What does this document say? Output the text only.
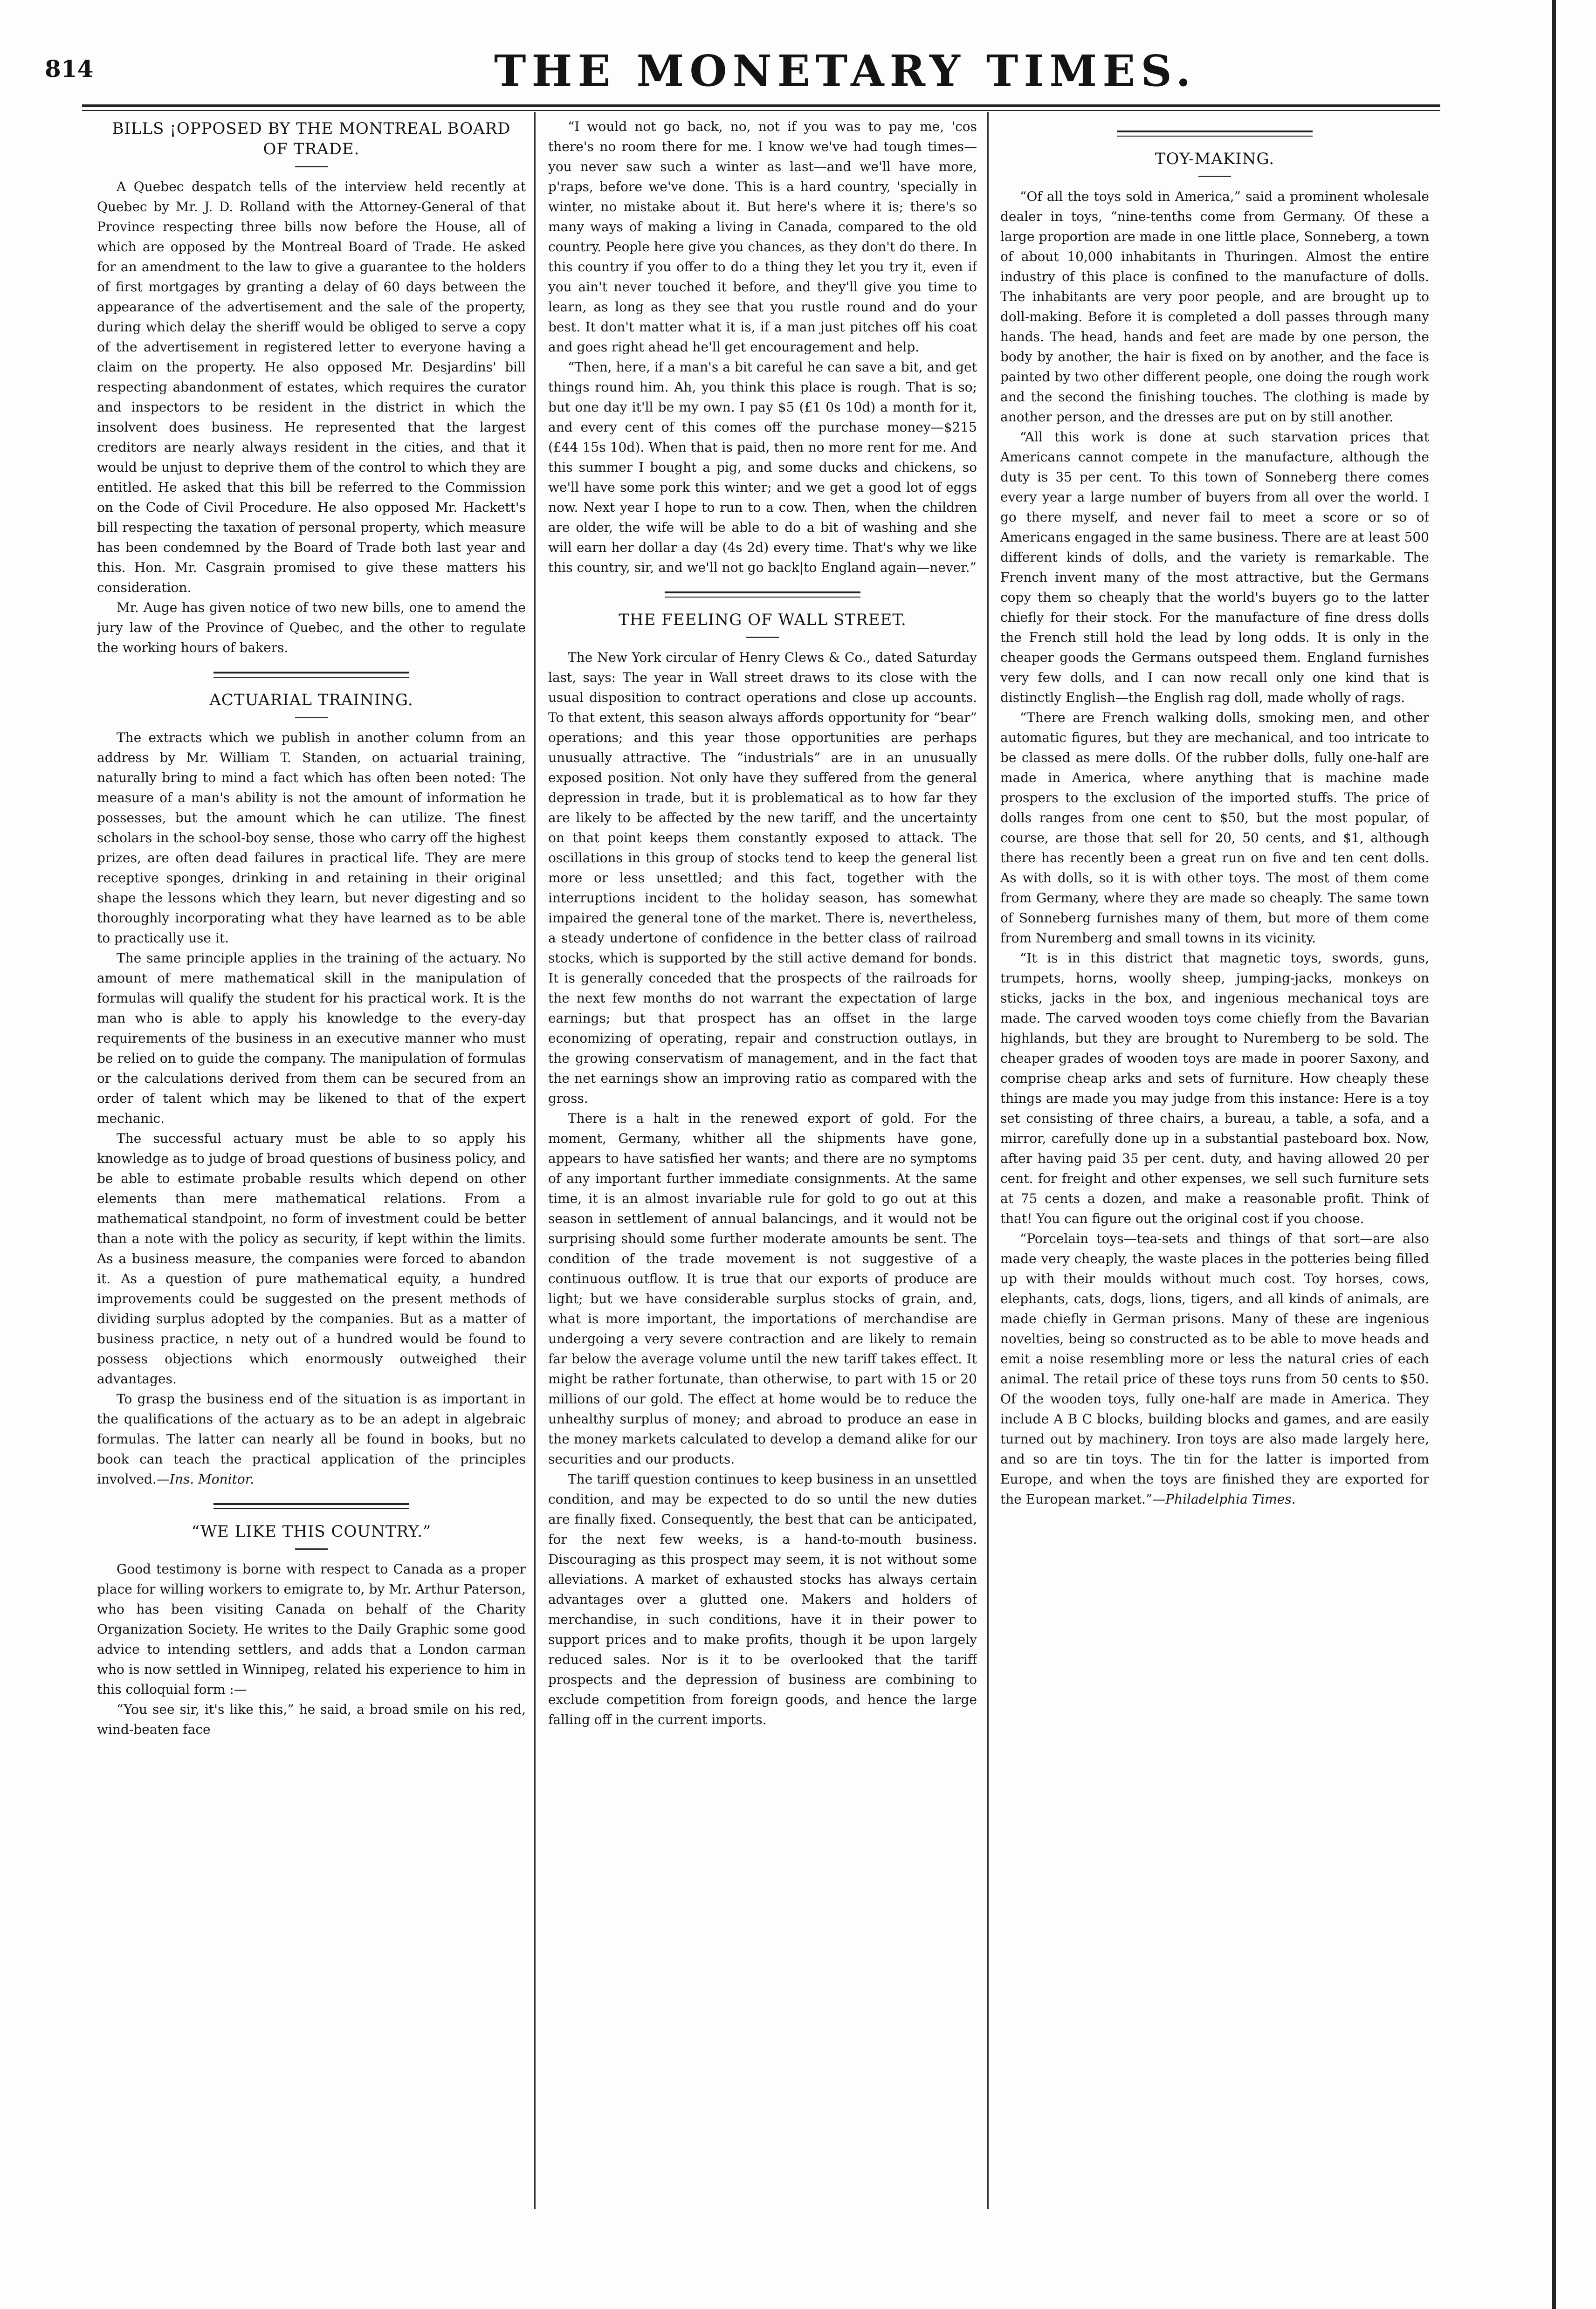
814	THE MONETARY TIMES.
BILLS ¡OPPOSED BY THE MONTREAL BOARD OF TRADE.

A Quebec despatch tells of the interview held recently at Quebec by Mr. J. D. Rolland with the Attorney-General of that Province respecting three bills now before the House, all of which are opposed by the Montreal Board of Trade. He asked for an amendment to the law to give a guarantee to the holders of first mortgages by granting a delay of 60 days between the appearance of the advertisement and the sale of the property, during which delay the sheriff would be obliged to serve a copy of the advertisement in registered letter to everyone having a claim on the property. He also opposed Mr. Desjardins' bill respecting abandonment of estates, which requires the curator and inspectors to be resident in the district in which the insolvent does business. He represented that the largest creditors are nearly always resident in the cities, and that it would be unjust to deprive them of the control to which they are entitled. He asked that this bill be referred to the Commission on the Code of Civil Procedure. He also opposed Mr. Hackett's bill respecting the taxation of personal property, which measure has been condemned by the Board of Trade both last year and this. Hon. Mr. Casgrain promised to give these matters his consideration.

Mr. Auge has given notice of two new bills, one to amend the jury law of the Province of Quebec, and the other to regulate the working hours of bakers.

ACTUARIAL TRAINING.

The extracts which we publish in another column from an address by Mr. William T. Standen, on actuarial training, naturally bring to mind a fact which has often been noted: The measure of a man's ability is not the amount of information he possesses, but the amount which he can utilize. The finest scholars in the school-boy sense, those who carry off the highest prizes, are often dead failures in practical life. They are mere receptive sponges, drinking in and retaining in their original shape the lessons which they learn, but never digesting and so thoroughly incorporating what they have learned as to be able to practically use it.

The same principle applies in the training of the actuary. No amount of mere mathematical skill in the manipulation of formulas will qualify the student for his practical work. It is the man who is able to apply his knowledge to the every-day requirements of the business in an executive manner who must be relied on to guide the company. The manipulation of formulas or the calculations derived from them can be secured from an order of talent which may be likened to that of the expert mechanic.

The successful actuary must be able to so apply his knowledge as to judge of broad questions of business policy, and be able to estimate probable results which depend on other elements than mere mathematical relations. From a mathematical standpoint, no form of investment could be better than a note with the policy as security, if kept within the limits. As a business measure, the companies were forced to abandon it. As a question of pure mathematical equity, a hundred improvements could be suggested on the present methods of dividing surplus adopted by the companies. But as a matter of business practice, n nety out of a hundred would be found to possess objections which enormously outweighed their advantages.

To grasp the business end of the situation is as important in the qualifications of the actuary as to be an adept in algebraic formulas. The latter can nearly all be found in books, but no book can teach the practical application of the principles involved.—Ins. Monitor.

“WE LIKE THIS COUNTRY.”

Good testimony is borne with respect to Canada as a proper place for willing workers to emigrate to, by Mr. Arthur Paterson, who has been visiting Canada on behalf of the Charity Organization Society. He writes to the Daily Graphic some good advice to intending settlers, and adds that a London carman who is now settled in Winnipeg, related his experience to him in this colloquial form :—

“You see sir, it's like this,” he said, a broad smile on his red, wind-beaten face

“I would not go back, no, not if you was to pay me, 'cos there's no room there for me. I know we've had tough times—you never saw such a winter as last—and we'll have more, p'raps, before we've done. This is a hard country, 'specially in winter, no mistake about it. But here's where it is; there's so many ways of making a living in Canada, compared to the old country. People here give you chances, as they don't do there. In this country if you offer to do a thing they let you try it, even if you ain't never touched it before, and they'll give you time to learn, as long as they see that you rustle round and do your best. It don't matter what it is, if a man just pitches off his coat and goes right ahead he'll get encouragement and help.

“Then, here, if a man's a bit careful he can save a bit, and get things round him. Ah, you think this place is rough. That is so; but one day it'll be my own. I pay $5 (£1 0s 10d) a month for it, and every cent of this comes off the purchase money—$215 (£44 15s 10d). When that is paid, then no more rent for me. And this summer I bought a pig, and some ducks and chickens, so we'll have some pork this winter; and we get a good lot of eggs now. Next year I hope to run to a cow. Then, when the children are older, the wife will be able to do a bit of washing and she will earn her dollar a day (4s 2d) every time. That's why we like this country, sir, and we'll not go back|to England again—never.”

THE FEELING OF WALL STREET.

The New York circular of Henry Clews & Co., dated Saturday last, says: The year in Wall street draws to its close with the usual disposition to contract operations and close up accounts. To that extent, this season always affords opportunity for “bear” operations; and this year those opportunities are perhaps unusually attractive. The “industrials” are in an unusually exposed position. Not only have they suffered from the general depression in trade, but it is problematical as to how far they are likely to be affected by the new tariff, and the uncertainty on that point keeps them constantly exposed to attack. The oscillations in this group of stocks tend to keep the general list more or less unsettled; and this fact, together with the interruptions incident to the holiday season, has somewhat impaired the general tone of the market. There is, nevertheless, a steady undertone of confidence in the better class of railroad stocks, which is supported by the still active demand for bonds. It is generally conceded that the prospects of the railroads for the next few months do not warrant the expectation of large earnings; but that prospect has an offset in the large economizing of operating, repair and construction outlays, in the growing conservatism of management, and in the fact that the net earnings show an improving ratio as compared with the gross.

There is a halt in the renewed export of gold. For the moment, Germany, whither all the shipments have gone, appears to have satisfied her wants; and there are no symptoms of any important further immediate consignments. At the same time, it is an almost invariable rule for gold to go out at this season in settlement of annual balancings, and it would not be surprising should some further moderate amounts be sent. The condition of the trade movement is not suggestive of a continuous outflow. It is true that our exports of produce are light; but we have considerable surplus stocks of grain, and, what is more important, the importations of merchandise are undergoing a very severe contraction and are likely to remain far below the average volume until the new tariff takes effect. It might be rather fortunate, than otherwise, to part with 15 or 20 millions of our gold. The effect at home would be to reduce the unhealthy surplus of money; and abroad to produce an ease in the money markets calculated to develop a demand alike for our securities and our products.

The tariff question continues to keep business in an unsettled condition, and may be expected to do so until the new duties are finally fixed. Consequently, the best that can be anticipated, for the next few weeks, is a hand-to-mouth business. Discouraging as this prospect may seem, it is not without some alleviations. A market of exhausted stocks has always certain advantages over a glutted one. Makers and holders of merchandise, in such conditions, have it in their power to support prices and to make profits, though it be upon largely reduced sales. Nor is it to be overlooked that the tariff prospects and the depression of business are combining to exclude competition from foreign goods, and hence the large falling off in the current imports.

TOY-MAKING.

“Of all the toys sold in America,” said a prominent wholesale dealer in toys, “nine-tenths come from Germany. Of these a large proportion are made in one little place, Sonneberg, a town of about 10,000 inhabitants in Thuringen. Almost the entire industry of this place is confined to the manufacture of dolls. The inhabitants are very poor people, and are brought up to doll-making. Before it is completed a doll passes through many hands. The head, hands and feet are made by one person, the body by another, the hair is fixed on by another, and the face is painted by two other different people, one doing the rough work and the second the finishing touches. The clothing is made by another person, and the dresses are put on by still another.

“All this work is done at such starvation prices that Americans cannot compete in the manufacture, although the duty is 35 per cent. To this town of Sonneberg there comes every year a large number of buyers from all over the world. I go there myself, and never fail to meet a score or so of Americans engaged in the same business. There are at least 500 different kinds of dolls, and the variety is remarkable. The French invent many of the most attractive, but the Germans copy them so cheaply that the world's buyers go to the latter chiefly for their stock. For the manufacture of fine dress dolls the French still hold the lead by long odds. It is only in the cheaper goods the Germans outspeed them. England furnishes very few dolls, and I can now recall only one kind that is distinctly English—the English rag doll, made wholly of rags.

“There are French walking dolls, smoking men, and other automatic figures, but they are mechanical, and too intricate to be classed as mere dolls. Of the rubber dolls, fully one-half are made in America, where anything that is machine made prospers to the exclusion of the imported stuffs. The price of dolls ranges from one cent to $50, but the most popular, of course, are those that sell for 20, 50 cents, and $1, although there has recently been a great run on five and ten cent dolls. As with dolls, so it is with other toys. The most of them come from Germany, where they are made so cheaply. The same town of Sonneberg furnishes many of them, but more of them come from Nuremberg and small towns in its vicinity.

“It is in this district that magnetic toys, swords, guns, trumpets, horns, woolly sheep, jumping-jacks, monkeys on sticks, jacks in the box, and ingenious mechanical toys are made. The carved wooden toys come chiefly from the Bavarian highlands, but they are brought to Nuremberg to be sold. The cheaper grades of wooden toys are made in poorer Saxony, and comprise cheap arks and sets of furniture. How cheaply these things are made you may judge from this instance: Here is a toy set consisting of three chairs, a bureau, a table, a sofa, and a mirror, carefully done up in a substantial pasteboard box. Now, after having paid 35 per cent. duty, and having allowed 20 per cent. for freight and other expenses, we sell such furniture sets at 75 cents a dozen, and make a reasonable profit. Think of that! You can figure out the original cost if you choose.

“Porcelain toys—tea-sets and things of that sort—are also made very cheaply, the waste places in the potteries being filled up with their moulds without much cost. Toy horses, cows, elephants, cats, dogs, lions, tigers, and all kinds of animals, are made chiefly in German prisons. Many of these are ingenious novelties, being so constructed as to be able to move heads and emit a noise resembling more or less the natural cries of each animal. The retail price of these toys runs from 50 cents to $50. Of the wooden toys, fully one-half are made in America. They include A B C blocks, building blocks and games, and are easily turned out by machinery. Iron toys are also made largely here, and so are tin toys. The tin for the latter is imported from Europe, and when the toys are finished they are exported for the European market.”—Philadelphia Times.
